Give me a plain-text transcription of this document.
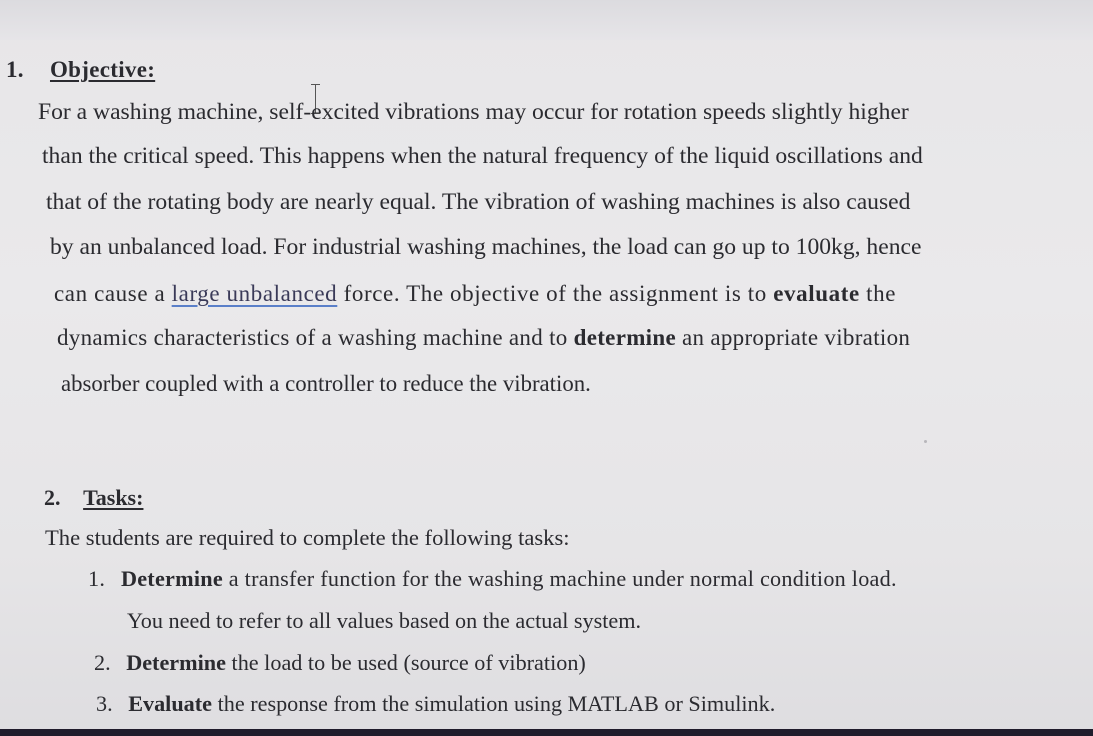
1. Objective:
For a washing machine, self-excited vibrations may occur for rotation speeds slightly higher
than the critical speed. This happens when the natural frequency of the liquid oscillations and
that of the rotating body are nearly equal. The vibration of washing machines is also caused
by an unbalanced load. For industrial washing machines, the load can go up to 100kg, hence
can cause a large unbalanced force. The objective of the assignment is to evaluate the
dynamics characteristics of a washing machine and to determine an appropriate vibration
absorber coupled with a controller to reduce the vibration.
2. Tasks:
The students are required to complete the following tasks:
1. Determine a transfer function for the washing machine under normal condition load.
You need to refer to all values based on the actual system.
2. Determine the load to be used (source of vibration)
3. Evaluate the response from the simulation using MATLAB or Simulink.
